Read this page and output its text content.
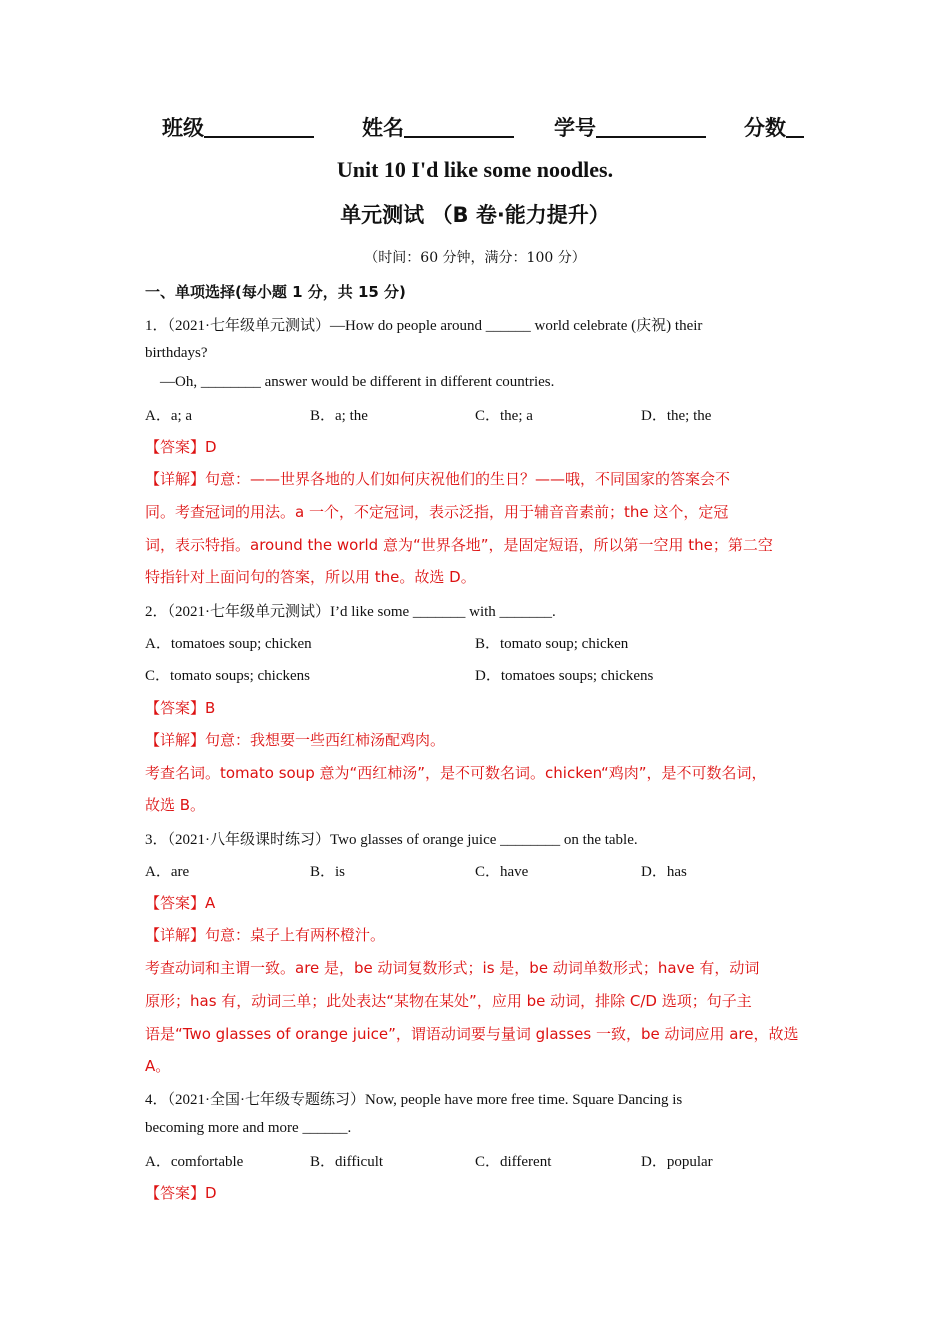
班级	姓名	学号	分数
Unit 10 I'd like some noodles.
单元测试 （B 卷·能力提升）
（时间：60 分钟，满分：100 分）
一、单项选择(每小题 1 分，共 15 分)
1．（2021·七年级单元测试）—How do people around ______ world celebrate (庆祝) their
birthdays?
—Oh, ________ answer would be different in different countries.
A．a; a	B．a; the	C．the; a	D．the; the
【答案】D
【详解】句意：——世界各地的人们如何庆祝他们的生日？——哦，不同国家的答案会不
同。考查冠词的用法。a 一个，不定冠词，表示泛指，用于辅音音素前；the 这个，定冠
词，表示特指。around the world 意为“世界各地”，是固定短语，所以第一空用 the；第二空
特指针对上面问句的答案，所以用 the。故选 D。
2．（2021·七年级单元测试）I’d like some _______ with _______.
A．tomatoes soup; chicken	B．tomato soup; chicken
C．tomato soups; chickens	D．tomatoes soups; chickens
【答案】B
【详解】句意：我想要一些西红柿汤配鸡肉。
考查名词。tomato soup 意为“西红柿汤”，是不可数名词。chicken“鸡肉”，是不可数名词，
故选 B。
3．（2021·八年级课时练习）Two glasses of orange juice ________ on the table.
A．are	B．is	C．have	D．has
【答案】A
【详解】句意：桌子上有两杯橙汁。
考查动词和主谓一致。are 是，be 动词复数形式；is 是，be 动词单数形式；have 有，动词
原形；has 有，动词三单；此处表达“某物在某处”，应用 be 动词，排除 C/D 选项；句子主
语是“Two glasses of orange juice”，谓语动词要与量词 glasses 一致，be 动词应用 are，故选
A。
4．（2021·全国·七年级专题练习）Now, people have more free time. Square Dancing is
becoming more and more ______.
A．comfortable	B．difficult	C．different	D．popular
【答案】D
